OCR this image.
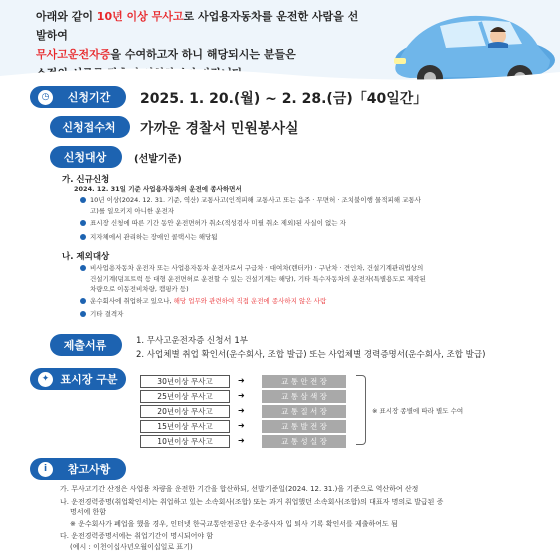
아래와 같이 10년 이상 무사고로 사업용자동차를 운전한 사람을 선발하여
무사고운전자증을 수여하고자 하니 해당되시는 분들은
◷	신청기간	2025. 1. 20.(월) ~ 2. 28.(금)「40일간」
신청접수처	가까운 경찰서 민원봉사실
신청대상	(선발기준)
가. 신규신청
2024. 12. 31일 기준 사업용자동차의 운전에 종사하면서
10년 이상(2024. 12. 31. 기준, 역산) 교통사고(인적피해 교통사고 또는 음주 · 무면허 · 조치불이행 물적피해 교통사
고)를 일으키지 아니한 운전자
표시장 신청에 따른 기간 동안 운전면허가 취소(적성검사 미필 취소 제외)된 사실이 없는 자
지자체에서 관리하는 장애인 콜택시는 해당됨
나. 제외대상
비사업용자동차 운전자 또는 사업용자동차 운전자로서 구급차 · 대여차(렌터카) · 구난차 · 견인차, 건설기계관리법상의
건설기계(덤프트럭 등 대형 운전면허로 운전할 수 있는 건설기계는 해당), 기타 특수자동차의 운전자(특별용도로 제작된
차량으로 이동전비차량, 캠핑카 등)
운수회사에 취업하고 있으나, 해당 업무와 관련하여 직접 운전에 종사하지 않은 사람
기타 결격자
제출서류	1. 무사고운전자증 신청서 1부
2. 사업체별 취업 확인서(운수회사, 조합 발급) 또는 사업체별 경력증명서(운수회사, 조합 발급)
✦	표시장 구분	30년이상 무사고	➜	교 통 안 전 장
25년이상 무사고	➜	교 통 삼 색 장
20년이상 무사고	➜	교 통 질 서 장
15년이상 무사고	➜	교 통 발 전 장
10년이상 무사고	➜	교 통 성 실 장
※ 표시장 종별에 따라 별도 수여
i	참고사항
가. 무사고기간 산정은 사업용 차량을 운전한 기간을 합산하되, 선발기준일(2024. 12. 31.)을 기준으로 역산하여 산정
나. 운전경력증명(취업확인서)는 취업하고 있는 소속회사(조합) 또는 과거 취업했던 소속회사(조합)의 대표자 명의로 발급된 증
명서에 한함
※ 운수회사가 폐업을 했을 경우, 인터넷 한국교통안전공단 운수종사자 입 퇴사 기록 확인서를 제출하여도 됨
다. 운전경력증명서에는 취업기간이 명시되어야 함
(예시 : 이천이십사년오월이십일로 표기)
